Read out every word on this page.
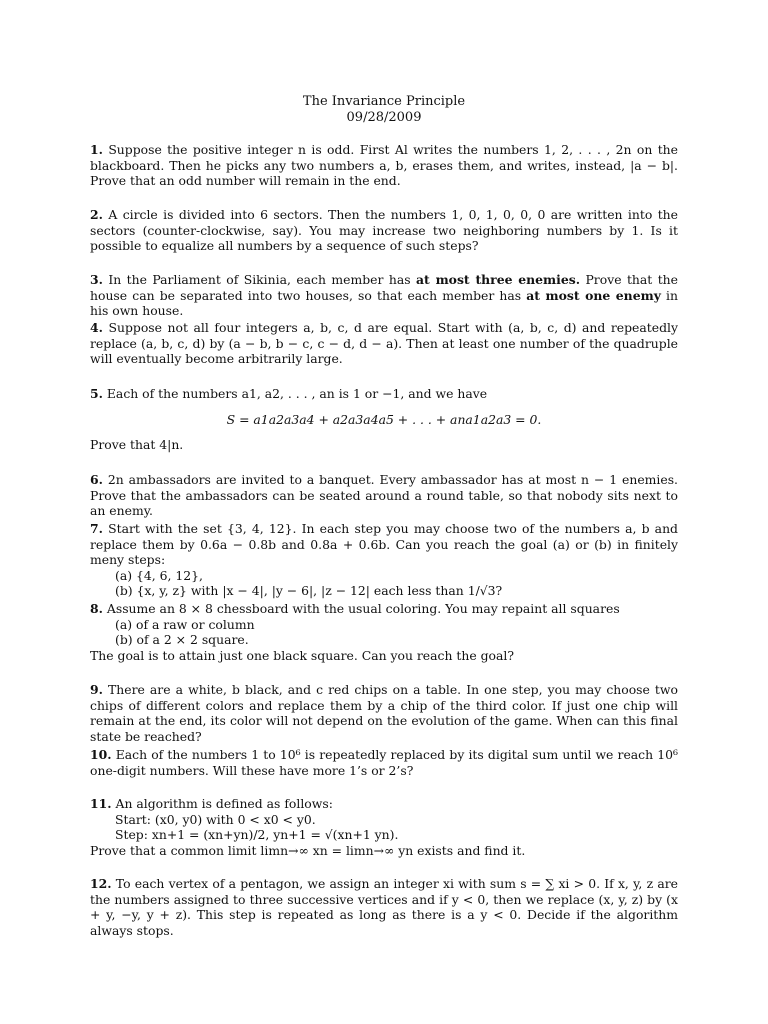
The Invariance Principle
09/28/2009
1. Suppose the positive integer n is odd. First Al writes the numbers 1, 2, . . . , 2n on the blackboard. Then he picks any two numbers a, b, erases them, and writes, instead, |a − b|. Prove that an odd number will remain in the end.
2. A circle is divided into 6 sectors. Then the numbers 1, 0, 1, 0, 0, 0 are written into the sectors (counter-clockwise, say). You may increase two neighboring numbers by 1. Is it possible to equalize all numbers by a sequence of such steps?
3. In the Parliament of Sikinia, each member has at most three enemies. Prove that the house can be separated into two houses, so that each member has at most one enemy in his own house.
4. Suppose not all four integers a, b, c, d are equal. Start with (a, b, c, d) and repeatedly replace (a, b, c, d) by (a − b, b − c, c − d, d − a). Then at least one number of the quadruple will eventually become arbitrarily large.
5. Each of the numbers a1, a2, . . . , an is 1 or −1, and we have
S = a1a2a3a4 + a2a3a4a5 + . . . + ana1a2a3 = 0.
Prove that 4|n.
6. 2n ambassadors are invited to a banquet. Every ambassador has at most n − 1 enemies. Prove that the ambassadors can be seated around a round table, so that nobody sits next to an enemy.
7. Start with the set {3, 4, 12}. In each step you may choose two of the numbers a, b and replace them by 0.6a − 0.8b and 0.8a + 0.6b. Can you reach the goal (a) or (b) in finitely meny steps:
(a) {4, 6, 12},
(b) {x, y, z} with |x − 4|, |y − 6|, |z − 12| each less than 1/√3?
8. Assume an 8 × 8 chessboard with the usual coloring. You may repaint all squares
(a) of a raw or column
(b) of a 2 × 2 square.
The goal is to attain just one black square. Can you reach the goal?
9. There are a white, b black, and c red chips on a table. In one step, you may choose two chips of different colors and replace them by a chip of the third color. If just one chip will remain at the end, its color will not depend on the evolution of the game. When can this final state be reached?
10. Each of the numbers 1 to 10⁶ is repeatedly replaced by its digital sum until we reach 10⁶ one-digit numbers. Will these have more 1’s or 2’s?
11. An algorithm is defined as follows:
Start: (x0, y0) with 0 < x0 < y0.
Step: xn+1 = (xn+yn)/2, yn+1 = √(xn+1 yn).
Prove that a common limit limn→∞ xn = limn→∞ yn exists and find it.
12. To each vertex of a pentagon, we assign an integer xi with sum s = ∑ xi > 0. If x, y, z are the numbers assigned to three successive vertices and if y < 0, then we replace (x, y, z) by (x + y, −y, y + z). This step is repeated as long as there is a y < 0. Decide if the algorithm always stops.
